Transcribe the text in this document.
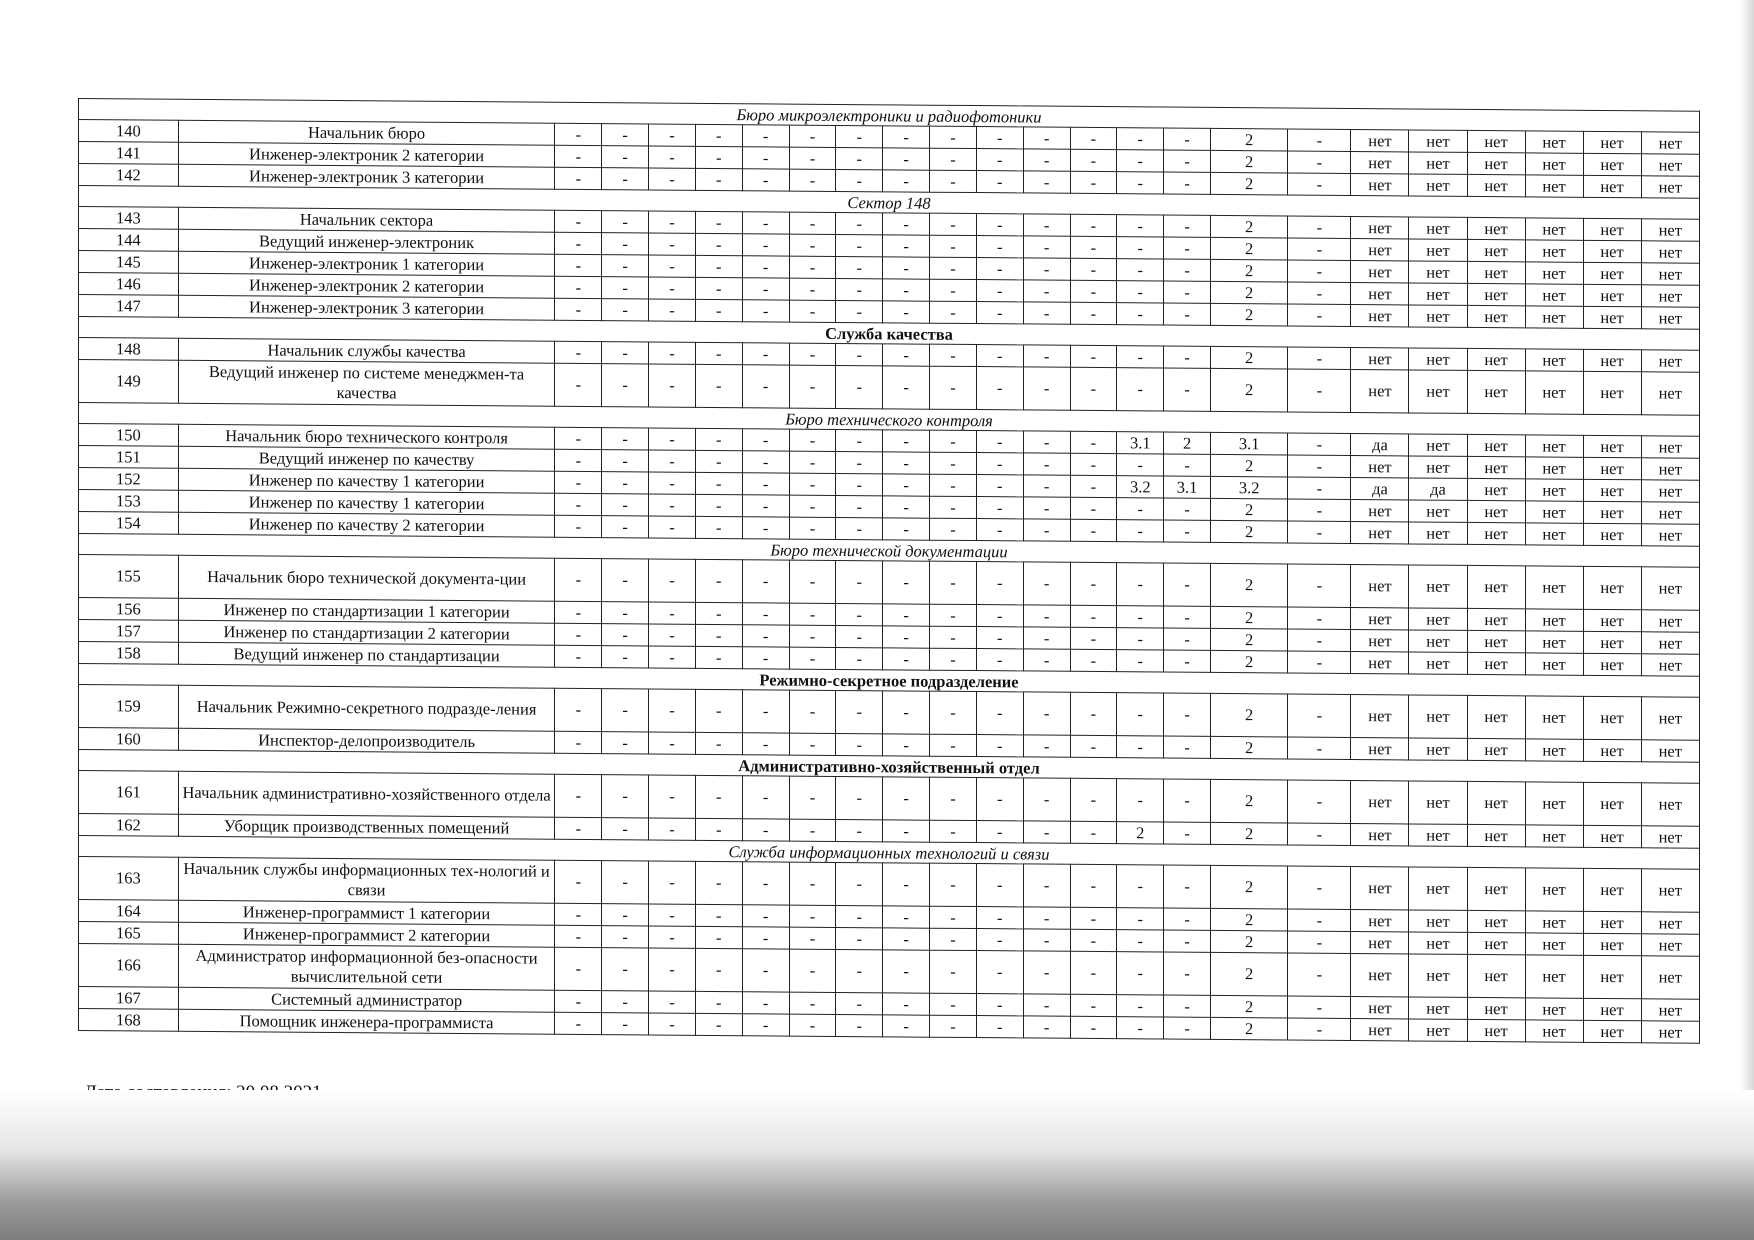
Бюро микроэлектроники и радиофотоники																							
140	Начальник бюро	-	-	-	-	-	-	-	-	-	-	-	-	-	-	2	-	нет	нет	нет	нет	нет	нет
141	Инженер-электроник 2 категории	-	-	-	-	-	-	-	-	-	-	-	-	-	-	2	-	нет	нет	нет	нет	нет	нет
142	Инженер-электроник 3 категории	-	-	-	-	-	-	-	-	-	-	-	-	-	-	2	-	нет	нет	нет	нет	нет	нет
Сектор 148																							
143	Начальник сектора	-	-	-	-	-	-	-	-	-	-	-	-	-	-	2	-	нет	нет	нет	нет	нет	нет
144	Ведущий инженер-электроник	-	-	-	-	-	-	-	-	-	-	-	-	-	-	2	-	нет	нет	нет	нет	нет	нет
145	Инженер-электроник 1 категории	-	-	-	-	-	-	-	-	-	-	-	-	-	-	2	-	нет	нет	нет	нет	нет	нет
146	Инженер-электроник 2 категории	-	-	-	-	-	-	-	-	-	-	-	-	-	-	2	-	нет	нет	нет	нет	нет	нет
147	Инженер-электроник 3 категории	-	-	-	-	-	-	-	-	-	-	-	-	-	-	2	-	нет	нет	нет	нет	нет	нет
Служба качества																							
148	Начальник службы качества	-	-	-	-	-	-	-	-	-	-	-	-	-	-	2	-	нет	нет	нет	нет	нет	нет
149	Ведущий инженер по системе менеджмен-та качества	-	-	-	-	-	-	-	-	-	-	-	-	-	-	2	-	нет	нет	нет	нет	нет	нет
Бюро технического контроля																							
150	Начальник бюро технического контроля	-	-	-	-	-	-	-	-	-	-	-	-	3.1	2	3.1	-	да	нет	нет	нет	нет	нет
151	Ведущий инженер по качеству	-	-	-	-	-	-	-	-	-	-	-	-	-	-	2	-	нет	нет	нет	нет	нет	нет
152	Инженер по качеству 1 категории	-	-	-	-	-	-	-	-	-	-	-	-	3.2	3.1	3.2	-	да	да	нет	нет	нет	нет
153	Инженер по качеству 1 категории	-	-	-	-	-	-	-	-	-	-	-	-	-	-	2	-	нет	нет	нет	нет	нет	нет
154	Инженер по качеству 2 категории	-	-	-	-	-	-	-	-	-	-	-	-	-	-	2	-	нет	нет	нет	нет	нет	нет
Бюро технической документации																							
155	Начальник бюро технической документа-ции	-	-	-	-	-	-	-	-	-	-	-	-	-	-	2	-	нет	нет	нет	нет	нет	нет
156	Инженер по стандартизации 1 категории	-	-	-	-	-	-	-	-	-	-	-	-	-	-	2	-	нет	нет	нет	нет	нет	нет
157	Инженер по стандартизации 2 категории	-	-	-	-	-	-	-	-	-	-	-	-	-	-	2	-	нет	нет	нет	нет	нет	нет
158	Ведущий инженер по стандартизации	-	-	-	-	-	-	-	-	-	-	-	-	-	-	2	-	нет	нет	нет	нет	нет	нет
Режимно-секретное подразделение																							
159	Начальник Режимно-секретного подразде-ления	-	-	-	-	-	-	-	-	-	-	-	-	-	-	2	-	нет	нет	нет	нет	нет	нет
160	Инспектор-делопроизводитель	-	-	-	-	-	-	-	-	-	-	-	-	-	-	2	-	нет	нет	нет	нет	нет	нет
Административно-хозяйственный отдел																							
161	Начальник административно-хозяйственного отдела	-	-	-	-	-	-	-	-	-	-	-	-	-	-	2	-	нет	нет	нет	нет	нет	нет
162	Уборщик производственных помещений	-	-	-	-	-	-	-	-	-	-	-	-	2	-	2	-	нет	нет	нет	нет	нет	нет
Служба информационных технологий и связи																							
163	Начальник службы информационных тех-нологий и связи	-	-	-	-	-	-	-	-	-	-	-	-	-	-	2	-	нет	нет	нет	нет	нет	нет
164	Инженер-программист 1 категории	-	-	-	-	-	-	-	-	-	-	-	-	-	-	2	-	нет	нет	нет	нет	нет	нет
165	Инженер-программист 2 категории	-	-	-	-	-	-	-	-	-	-	-	-	-	-	2	-	нет	нет	нет	нет	нет	нет
166	Администратор информационной без-опасности вычислительной сети	-	-	-	-	-	-	-	-	-	-	-	-	-	-	2	-	нет	нет	нет	нет	нет	нет
167	Системный администратор	-	-	-	-	-	-	-	-	-	-	-	-	-	-	2	-	нет	нет	нет	нет	нет	нет
168	Помощник инженера-программиста	-	-	-	-	-	-	-	-	-	-	-	-	-	-	2	-	нет	нет	нет	нет	нет	нет
